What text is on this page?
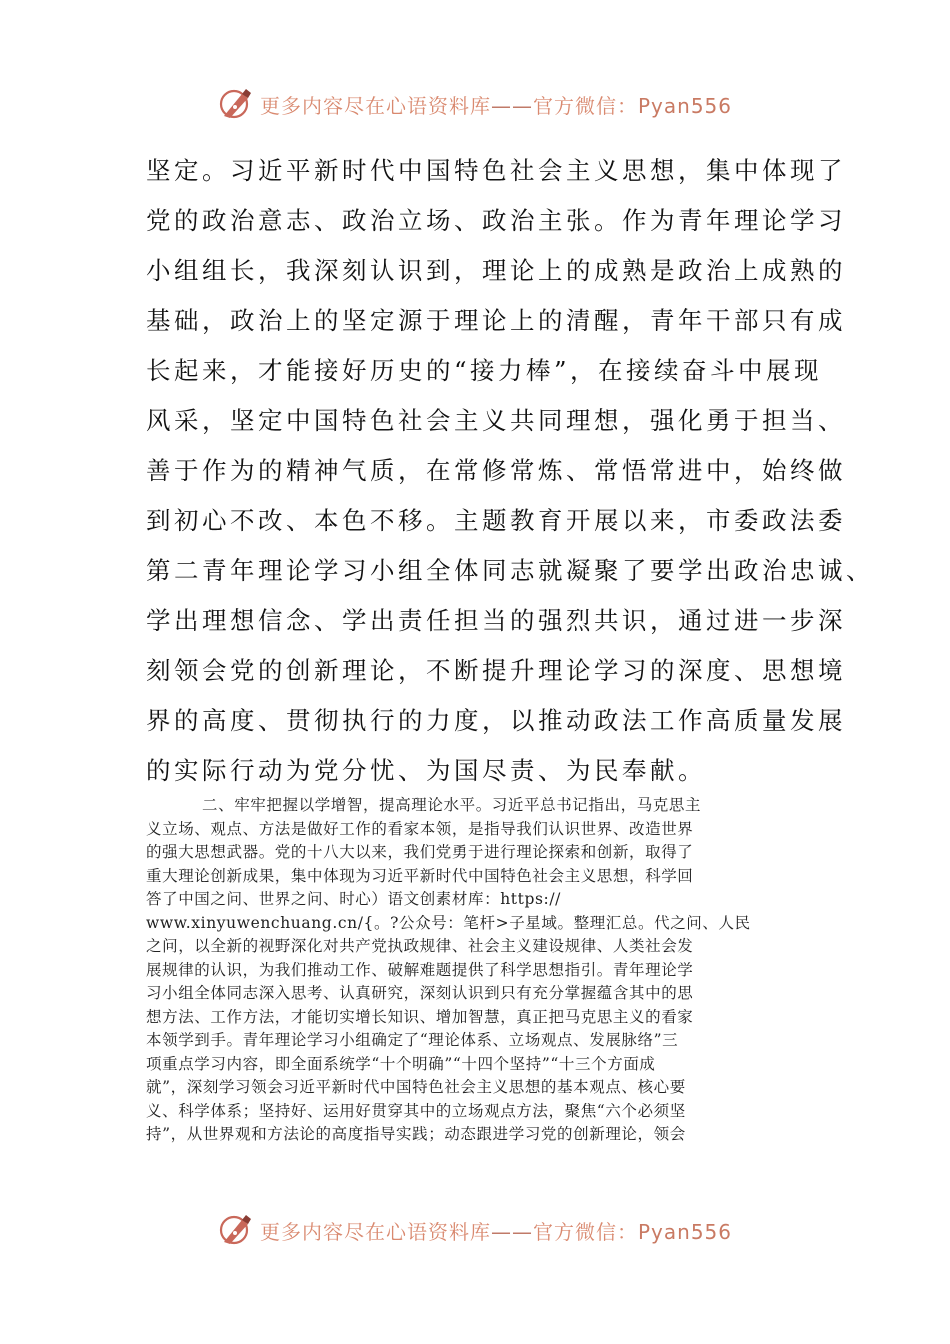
更多内容尽在心语资料库——官方微信：Pyan556
坚定。习近平新时代中国特色社会主义思想，集中体现了
党的政治意志、政治立场、政治主张。作为青年理论学习
小组组长，我深刻认识到，理论上的成熟是政治上成熟的
基础，政治上的坚定源于理论上的清醒，青年干部只有成
长起来，才能接好历史的“接力棒”，在接续奋斗中展现
风采，坚定中国特色社会主义共同理想，强化勇于担当、
善于作为的精神气质，在常修常炼、常悟常进中，始终做
到初心不改、本色不移。主题教育开展以来，市委政法委
第二青年理论学习小组全体同志就凝聚了要学出政治忠诚、
学出理想信念、学出责任担当的强烈共识，通过进一步深
刻领会党的创新理论，不断提升理论学习的深度、思想境
界的高度、贯彻执行的力度，以推动政法工作高质量发展
的实际行动为党分忧、为国尽责、为民奉献。
二、牢牢把握以学增智，提高理论水平。习近平总书记指出，马克思主
义立场、观点、方法是做好工作的看家本领，是指导我们认识世界、改造世界
的强大思想武器。党的十八大以来，我们党勇于进行理论探索和创新，取得了
重大理论创新成果，集中体现为习近平新时代中国特色社会主义思想，科学回
答了中国之问、世界之问、时心）语文创素材库：https://
www.xinyuwenchuang.cn/{。?公众号：笔杆>子星域。整理汇总。代之问、人民
之问，以全新的视野深化对共产党执政规律、社会主义建设规律、人类社会发
展规律的认识，为我们推动工作、破解难题提供了科学思想指引。青年理论学
习小组全体同志深入思考、认真研究，深刻认识到只有充分掌握蕴含其中的思
想方法、工作方法，才能切实增长知识、增加智慧，真正把马克思主义的看家
本领学到手。青年理论学习小组确定了“理论体系、立场观点、发展脉络”三
项重点学习内容，即全面系统学“十个明确”“十四个坚持”“十三个方面成
就”，深刻学习领会习近平新时代中国特色社会主义思想的基本观点、核心要
义、科学体系；坚持好、运用好贯穿其中的立场观点方法，聚焦“六个必须坚
持”，从世界观和方法论的高度指导实践；动态跟进学习党的创新理论，领会
更多内容尽在心语资料库——官方微信：Pyan556
